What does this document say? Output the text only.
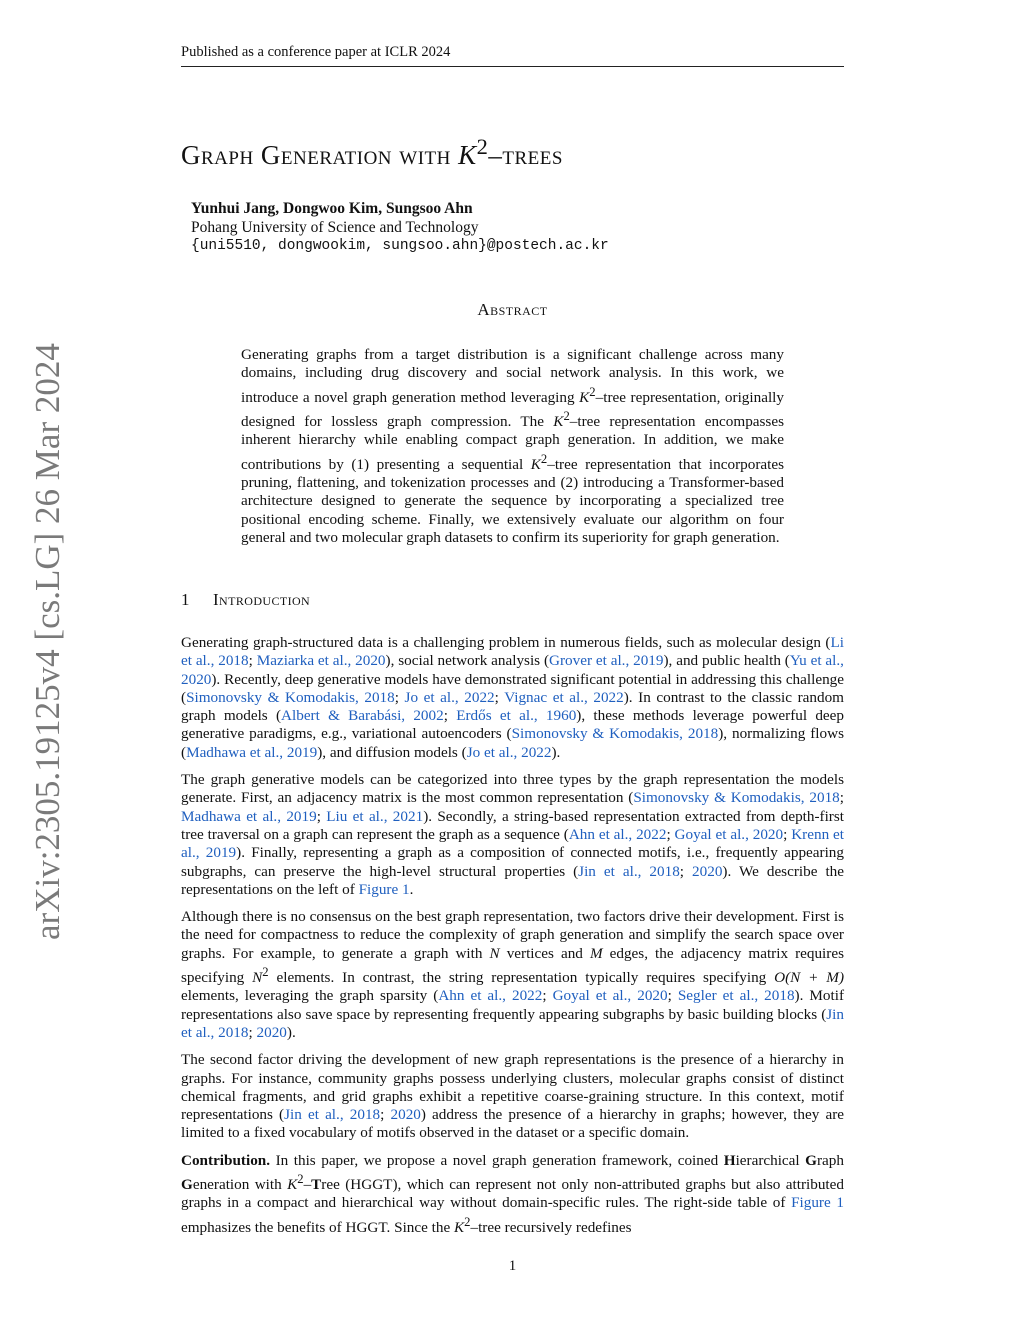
Published as a conference paper at ICLR 2024
arXiv:2305.19125v4 [cs.LG] 26 Mar 2024
Graph Generation with $K^2$–trees
Yunhui Jang, Dongwoo Kim, Sungsoo Ahn
Pohang University of Science and Technology
{uni5510, dongwookim, sungsoo.ahn}@postech.ac.kr
Abstract

Generating graphs from a target distribution is a significant challenge across many domains, including drug discovery and social network analysis. In this work, we introduce a novel graph generation method leveraging $K^2$–tree representation, originally designed for lossless graph compression. The $K^2$–tree representation encompasses inherent hierarchy while enabling compact graph generation. In addition, we make contributions by (1) presenting a sequential $K^2$–tree representation that incorporates pruning, flattening, and tokenization processes and (2) introducing a Transformer-based architecture designed to generate the sequence by incorporating a specialized tree positional encoding scheme. Finally, we extensively evaluate our algorithm on four general and two molecular graph datasets to confirm its superiority for graph generation.

1 Introduction

Generating graph-structured data is a challenging problem in numerous fields, such as molecular design (Li et al., 2018; Maziarka et al., 2020), social network analysis (Grover et al., 2019), and public health (Yu et al., 2020). Recently, deep generative models have demonstrated significant potential in addressing this challenge (Simonovsky & Komodakis, 2018; Jo et al., 2022; Vignac et al., 2022). In contrast to the classic random graph models (Albert & Barabási, 2002; Erdős et al., 1960), these methods leverage powerful deep generative paradigms, e.g., variational autoencoders (Simonovsky & Komodakis, 2018), normalizing flows (Madhawa et al., 2019), and diffusion models (Jo et al., 2022).

The graph generative models can be categorized into three types by the graph representation the models generate. First, an adjacency matrix is the most common representation (Simonovsky & Komodakis, 2018; Madhawa et al., 2019; Liu et al., 2021). Secondly, a string-based representation extracted from depth-first tree traversal on a graph can represent the graph as a sequence (Ahn et al., 2022; Goyal et al., 2020; Krenn et al., 2019). Finally, representing a graph as a composition of connected motifs, i.e., frequently appearing subgraphs, can preserve the high-level structural properties (Jin et al., 2018; 2020). We describe the representations on the left of Figure 1.

Although there is no consensus on the best graph representation, two factors drive their development. First is the need for compactness to reduce the complexity of graph generation and simplify the search space over graphs. For example, to generate a graph with N vertices and M edges, the adjacency matrix requires specifying $N^2$ elements. In contrast, the string representation typically requires specifying O(N + M) elements, leveraging the graph sparsity (Ahn et al., 2022; Goyal et al., 2020; Segler et al., 2018). Motif representations also save space by representing frequently appearing subgraphs by basic building blocks (Jin et al., 2018; 2020).

The second factor driving the development of new graph representations is the presence of a hierarchy in graphs. For instance, community graphs possess underlying clusters, molecular graphs consist of distinct chemical fragments, and grid graphs exhibit a repetitive coarse-graining structure. In this context, motif representations (Jin et al., 2018; 2020) address the presence of a hierarchy in graphs; however, they are limited to a fixed vocabulary of motifs observed in the dataset or a specific domain.

Contribution. In this paper, we propose a novel graph generation framework, coined Hierarchical Graph Generation with $K^2$–Tree (HGGT), which can represent not only non-attributed graphs but also attributed graphs in a compact and hierarchical way without domain-specific rules. The right-side table of Figure 1 emphasizes the benefits of HGGT. Since the $K^2$–tree recursively redefines

1
